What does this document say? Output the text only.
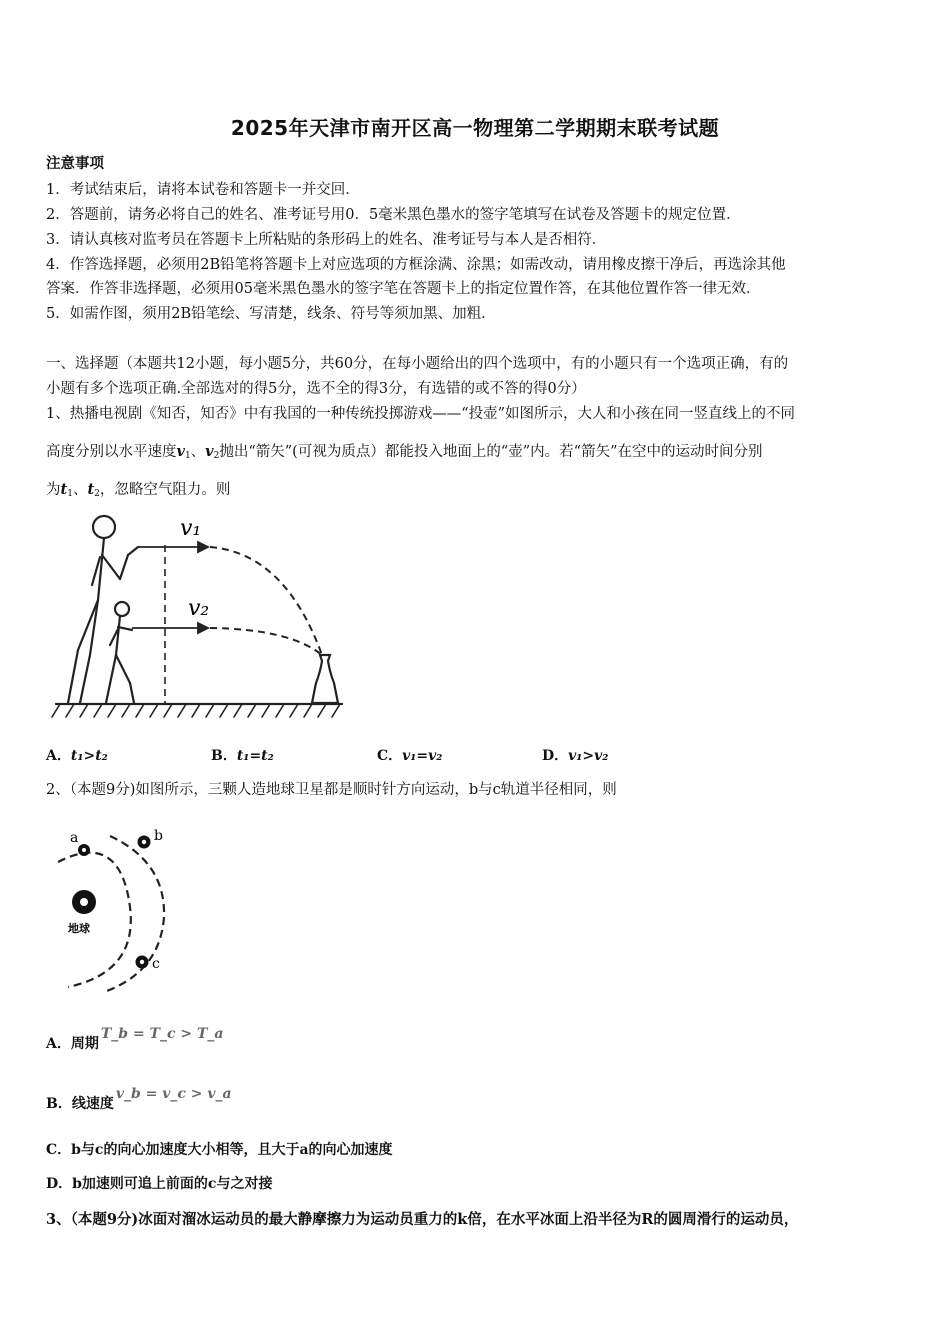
2025年天津市南开区高一物理第二学期期末联考试题
注意事项
1．考试结束后，请将本试卷和答题卡一并交回．
2．答题前，请务必将自己的姓名、准考证号用0．5毫米黑色墨水的签字笔填写在试卷及答题卡的规定位置．
3．请认真核对监考员在答题卡上所粘贴的条形码上的姓名、准考证号与本人是否相符．
4．作答选择题，必须用2B铅笔将答题卡上对应选项的方框涂满、涂黑；如需改动，请用橡皮擦干净后，再选涂其他
答案．作答非选择题，必须用05毫米黑色墨水的签字笔在答题卡上的指定位置作答，在其他位置作答一律无效．
5．如需作图，须用2B铅笔绘、写清楚，线条、符号等须加黑、加粗．
一、选择题（本题共12小题，每小题5分，共60分，在每小题给出的四个选项中，有的小题只有一个选项正确，有的
小题有多个选项正确.全部选对的得5分，选不全的得3分，有选错的或不答的得0分）
1、热播电视剧《知否，知否》中有我国的一种传统投掷游戏——“投壶”如图所示，大人和小孩在同一竖直线上的不同
高度分别以水平速度$v_1$、$v_2$抛出“箭矢”(可视为质点）都能投入地面上的“壶”内。若“箭矢”在空中的运动时间分别
为$t_1$、$t_2$，忽略空气阻力。则
v₁
v₂
A．t₁>t₂	B．t₁=t₂	C．v₁=v₂	D．v₁>v₂
2、（本题9分)如图所示，三颗人造地球卫星都是顺时针方向运动，b与c轨道半径相同，则
a	b
c
地球
A．周期T_b = T_c > T_a
B．线速度v_b = v_c > v_a
C．b与c的向心加速度大小相等，且大于a的向心加速度
D．b加速则可追上前面的c与之对接
3、（本题9分)冰面对溜冰运动员的最大静摩擦力为运动员重力的k倍，在水平冰面上沿半径为R的圆周滑行的运动员，
